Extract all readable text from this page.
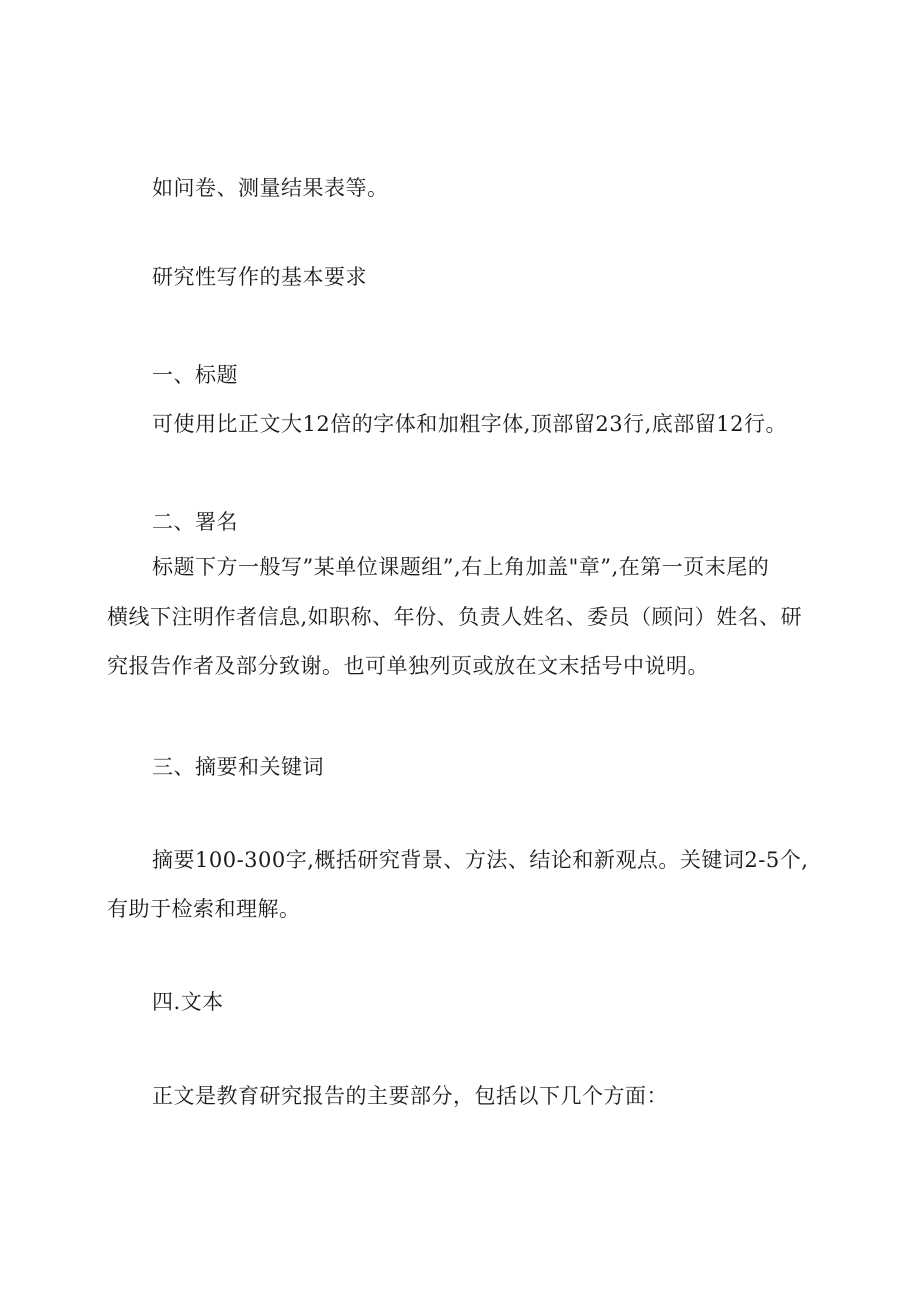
如问卷、测量结果表等。
研究性写作的基本要求
一、标题
可使用比正文大12倍的字体和加粗字体,顶部留23行,底部留12行。
二、署名
标题下方一般写”某单位课题组”,右上角加盖"章”,在第一页末尾的
横线下注明作者信息,如职称、年份、负责人姓名、委员（顾问）姓名、研
究报告作者及部分致谢。也可单独列页或放在文末括号中说明。
三、摘要和关键词
摘要100-300字,概括研究背景、方法、结论和新观点。关键词2-5个,
有助于检索和理解。
四.文本
正文是教育研究报告的主要部分，包括以下几个方面：
